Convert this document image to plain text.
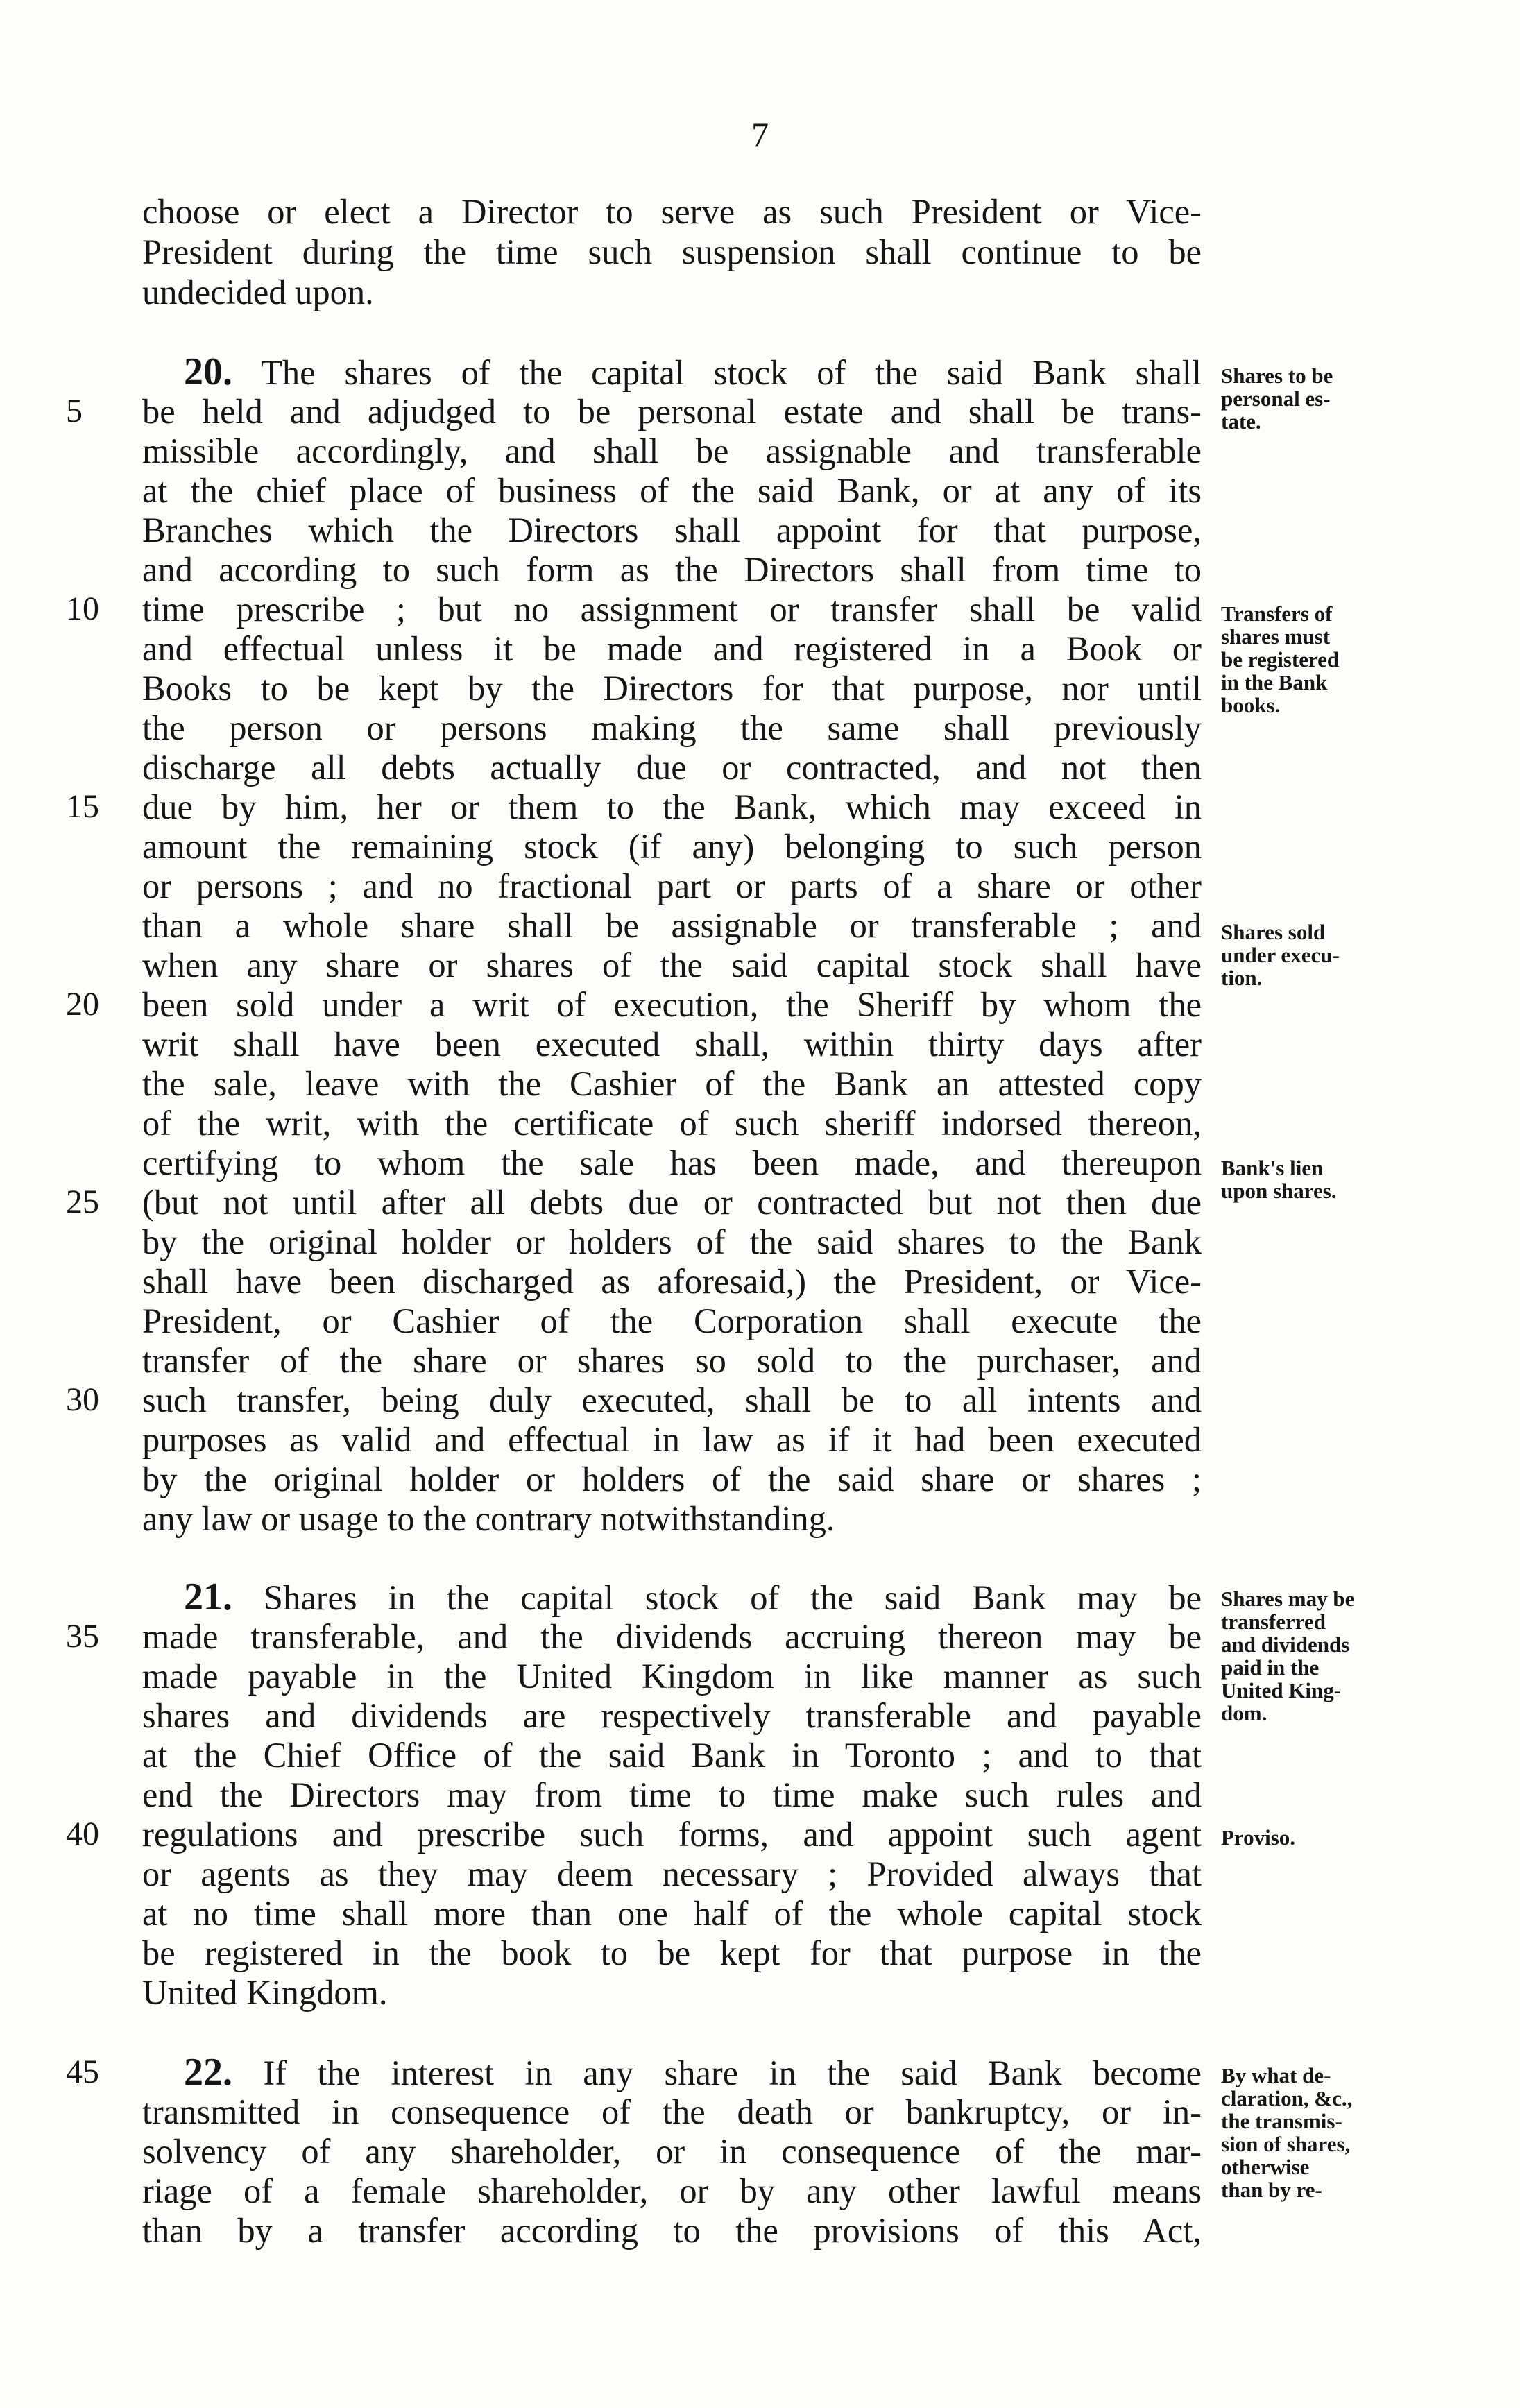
7
choose or elect a Director to serve as such President or Vice-
President during the time such suspension shall continue to be
undecided upon.
20. The shares of the capital stock of the said Bank shall
be held and adjudged to be personal estate and shall be trans-
missible accordingly, and shall be assignable and transferable
at the chief place of business of the said Bank, or at any of its
Branches which the Directors shall appoint for that purpose,
and according to such form as the Directors shall from time to
time prescribe ; but no assignment or transfer shall be valid
and effectual unless it be made and registered in a Book or
Books to be kept by the Directors for that purpose, nor until
the person or persons making the same shall previously
discharge all debts actually due or contracted, and not then
due by him, her or them to the Bank, which may exceed in
amount the remaining stock (if any) belonging to such person
or persons ; and no fractional part or parts of a share or other
than a whole share shall be assignable or transferable ; and
when any share or shares of the said capital stock shall have
been sold under a writ of execution, the Sheriff by whom the
writ shall have been executed shall, within thirty days after
the sale, leave with the Cashier of the Bank an attested copy
of the writ, with the certificate of such sheriff indorsed thereon,
certifying to whom the sale has been made, and thereupon
(but not until after all debts due or contracted but not then due
by the original holder or holders of the said shares to the Bank
shall have been discharged as aforesaid,) the President, or Vice-
President, or Cashier of the Corporation shall execute the
transfer of the share or shares so sold to the purchaser, and
such transfer, being duly executed, shall be to all intents and
purposes as valid and effectual in law as if it had been executed
by the original holder or holders of the said share or shares ;
any law or usage to the contrary notwithstanding.
21. Shares in the capital stock of the said Bank may be
made transferable, and the dividends accruing thereon may be
made payable in the United Kingdom in like manner as such
shares and dividends are respectively transferable and payable
at the Chief Office of the said Bank in Toronto ; and to that
end the Directors may from time to time make such rules and
regulations and prescribe such forms, and appoint such agent
or agents as they may deem necessary ; Provided always that
at no time shall more than one half of the whole capital stock
be registered in the book to be kept for that purpose in the
United Kingdom.
22. If the interest in any share in the said Bank become
transmitted in consequence of the death or bankruptcy, or in-
solvency of any shareholder, or in consequence of the mar-
riage of a female shareholder, or by any other lawful means
than by a transfer according to the provisions of this Act,
5
10
15
20
25
30
35
40
45
Shares to be
personal es-
tate.
Transfers of
shares must
be registered
in the Bank
books.
Shares sold
under execu-
tion.
Bank's lien
upon shares.
Shares may be
transferred
and dividends
paid in the
United King-
dom.
Proviso.
By what de-
claration, &c.,
the transmis-
sion of shares,
otherwise
than by re-
